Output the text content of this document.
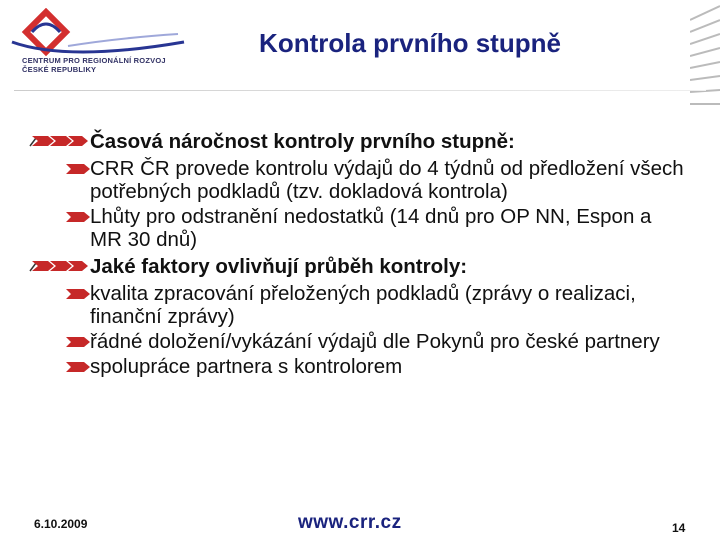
CENTRUM PRO REGIONÁLNÍ ROZVOJ
ČESKÉ REPUBLIKY
Kontrola prvního stupně
Časová náročnost kontroly prvního stupně:
CRR ČR provede kontrolu výdajů do 4 týdnů od předložení všech potřebných podkladů (tzv. dokladová kontrola)
Lhůty pro odstranění nedostatků (14 dnů pro OP NN, Espon a MR 30 dnů)
Jaké faktory ovlivňují průběh kontroly:
kvalita zpracování přeložených podkladů (zprávy o realizaci, finanční zprávy)
řádné doložení/vykázání výdajů dle Pokynů pro české partnery
spolupráce partnera s kontrolorem
6.10.2009	www.crr.cz	14
